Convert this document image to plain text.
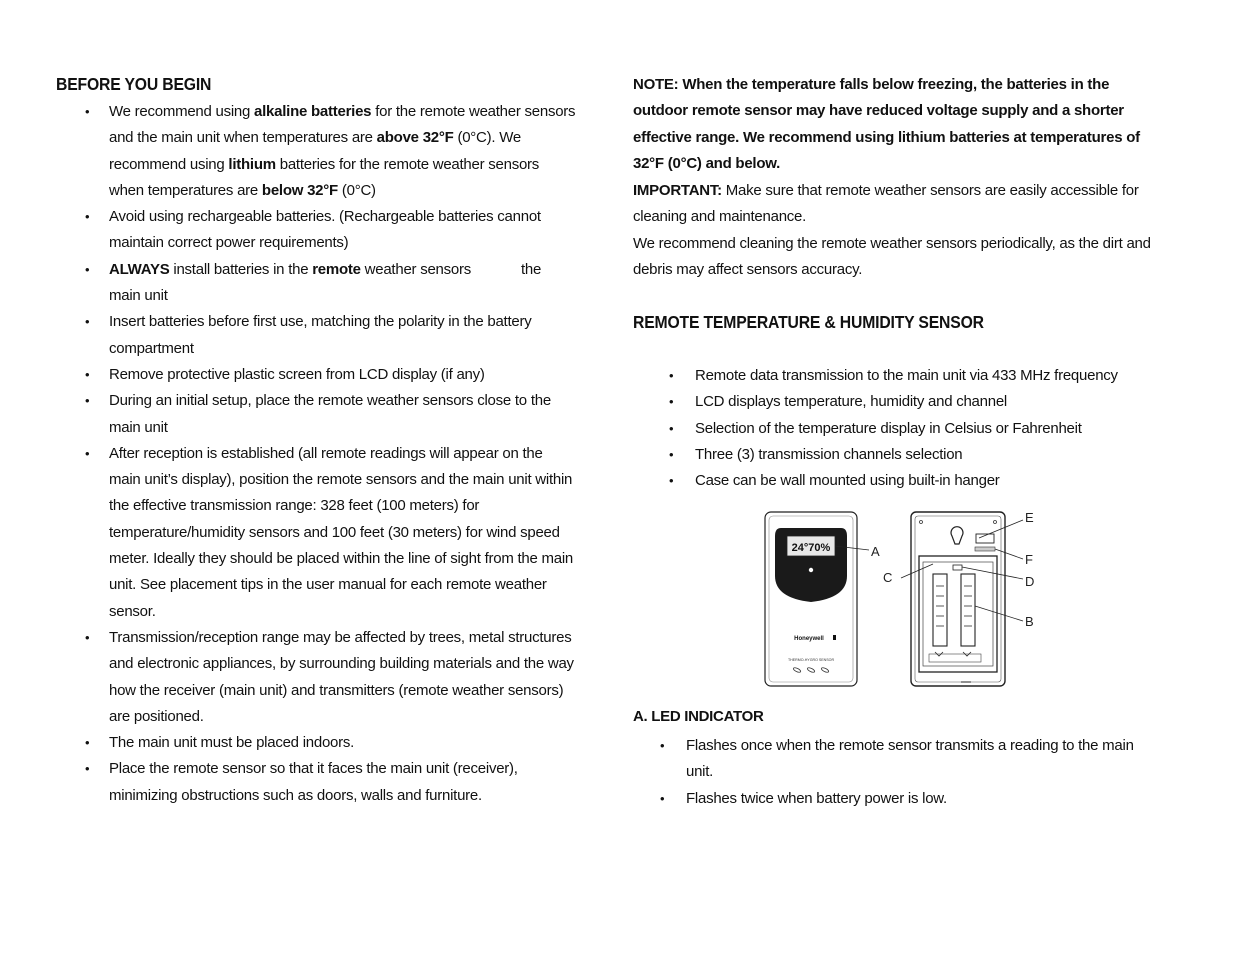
BEFORE YOU BEGIN
• We recommend using alkaline batteries for the remote weather sensors and the main unit when temperatures are above 32°F (0°C). We recommend using lithium batteries for the remote weather sensors when temperatures are below 32°F (0°C)
• Avoid using rechargeable batteries. (Rechargeable batteries cannot maintain correct power requirements)
• ALWAYS install batteries in the remote weather sensors	the main unit
• Insert batteries before first use, matching the polarity in the battery compartment
• Remove protective plastic screen from LCD display (if any)
• During an initial setup, place the remote weather sensors close to the main unit
• After reception is established (all remote readings will appear on the main unit’s display), position the remote sensors and the main unit within the effective transmission range: 328 feet (100 meters) for temperature/humidity sensors and 100 feet (30 meters) for wind speed meter. Ideally they should be placed within the line of sight from the main unit. See placement tips in the user manual for each remote weather sensor.
• Transmission/reception range may be affected by trees, metal structures and electronic appliances, by surrounding building materials and the way how the receiver (main unit) and transmitters (remote weather sensors) are positioned.
• The main unit must be placed indoors.
• Place the remote sensor so that it faces the main unit (receiver), minimizing obstructions such as doors, walls and furniture.

NOTE: When the temperature falls below freezing, the batteries in the outdoor remote sensor may have reduced voltage supply and a shorter effective range. We recommend using lithium batteries at temperatures of 32°F (0°C) and below.

IMPORTANT: Make sure that remote weather sensors are easily accessible for cleaning and maintenance.

We recommend cleaning the remote weather sensors periodically, as the dirt and debris may affect sensors accuracy.

REMOTE TEMPERATURE & HUMIDITY SENSOR
• Remote data transmission to the main unit via 433 MHz frequency
• LCD displays temperature, humidity and channel
• Selection of the temperature display in Celsius or Fahrenheit
• Three (3) transmission channels selection
• Case can be wall mounted using built-in hanger
24°70%
Honeywell
THERMO-HYGRO SENSOR
A
B
C	D
E
F
A. LED INDICATOR
• Flashes once when the remote sensor transmits a reading to the main unit.
• Flashes twice when battery power is low.
